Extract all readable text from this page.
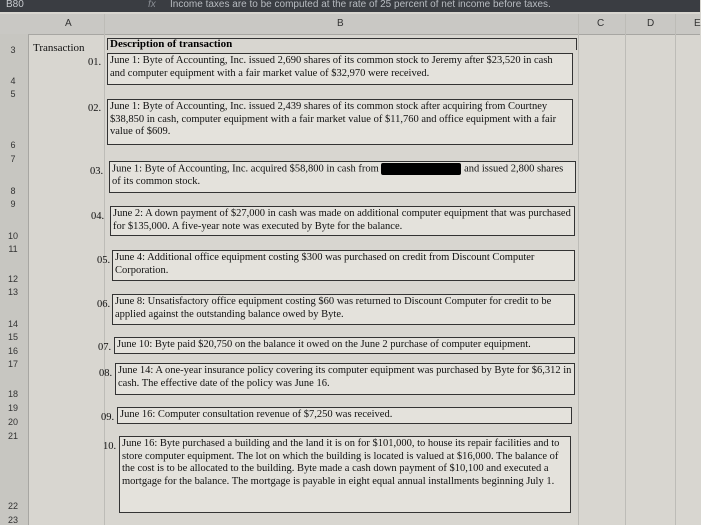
B80	fx Income taxes are to be computed at the rate of 25 percent of net income before taxes.
A	B	C	D	E
3
4
5
6
7
8
9
10
11
12
13
14
15
16
17
18
19
20
21
22
23
Transaction Description of transaction
01. June 1: Byte of Accounting, Inc. issued 2,690 shares of its common stock to Jeremy after $23,520 in cash and computer equipment with a fair market value of $32,970 were received.
02. June 1: Byte of Accounting, Inc. issued 2,439 shares of its common stock after acquiring from Courtney $38,850 in cash, computer equipment with a fair market value of $11,760 and office equipment with a fair value of $609.
03. June 1: Byte of Accounting, Inc. acquired $58,800 in cash from	and issued 2,800 shares of its common stock.
04. June 2: A down payment of $27,000 in cash was made on additional computer equipment that was purchased for $135,000. A five-year note was executed by Byte for the balance.
05. June 4: Additional office equipment costing $300 was purchased on credit from Discount Computer Corporation.
06. June 8: Unsatisfactory office equipment costing $60 was returned to Discount Computer for credit to be applied against the outstanding balance owed by Byte.
07. June 10: Byte paid $20,750 on the balance it owed on the June 2 purchase of computer equipment.
08. June 14: A one-year insurance policy covering its computer equipment was purchased by Byte for $6,312 in cash. The effective date of the policy was June 16.
09. June 16: Computer consultation revenue of $7,250 was received.
10. June 16: Byte purchased a building and the land it is on for $101,000, to house its repair facilities and to store computer equipment. The lot on which the building is located is valued at $16,000. The balance of the cost is to be allocated to the building. Byte made a cash down payment of $10,100 and executed a mortgage for the balance. The mortgage is payable in eight equal annual installments beginning July 1.
